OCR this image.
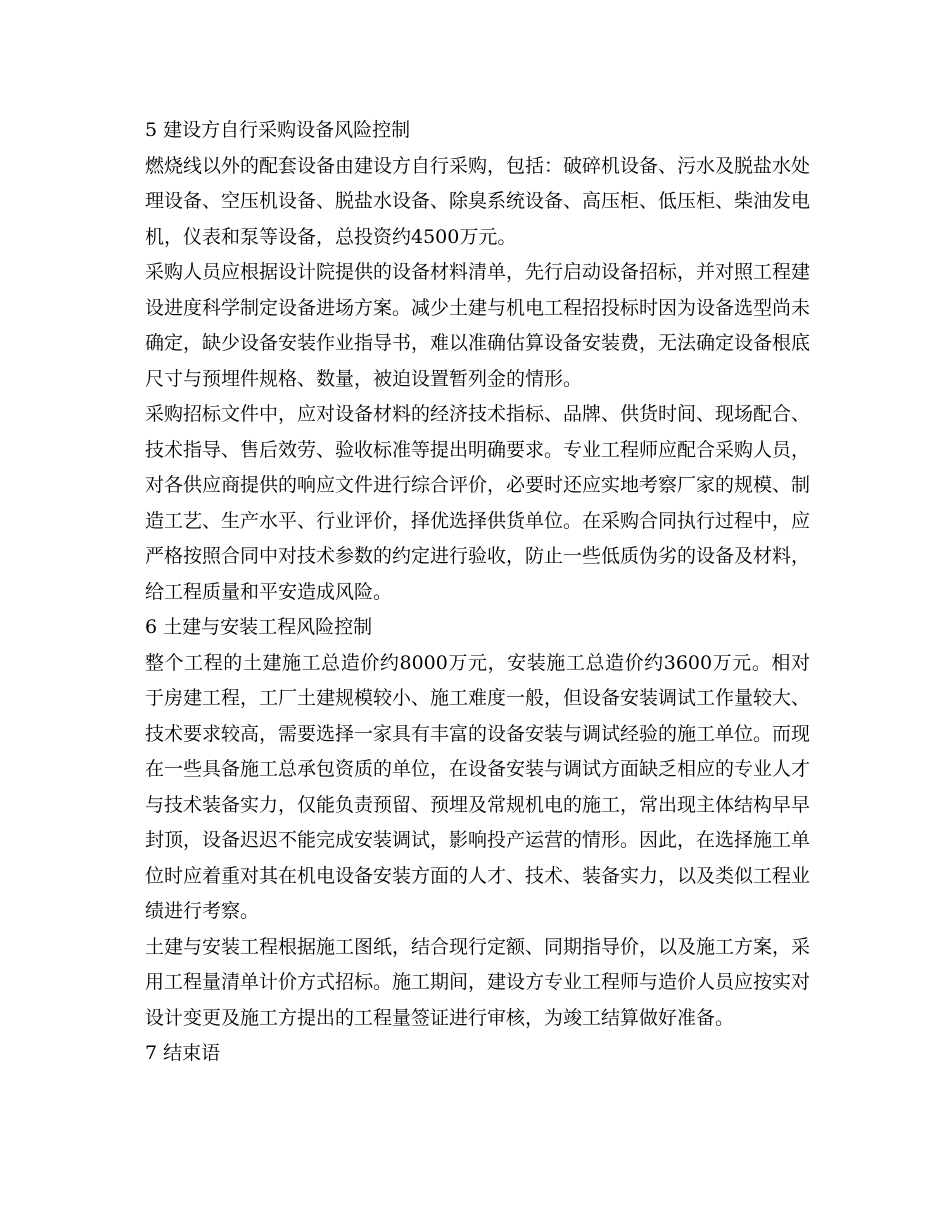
5 建设方自行采购设备风险控制

燃烧线以外的配套设备由建设方自行采购，包括：破碎机设备、污水及脱盐水处理设备、空压机设备、脱盐水设备、除臭系统设备、高压柜、低压柜、柴油发电机，仪表和泵等设备，总投资约4500万元。

采购人员应根据设计院提供的设备材料清单，先行启动设备招标，并对照工程建设进度科学制定设备进场方案。减少土建与机电工程招投标时因为设备选型尚未确定，缺少设备安装作业指导书，难以准确估算设备安装费，无法确定设备根底尺寸与预埋件规格、数量，被迫设置暂列金的情形。

采购招标文件中，应对设备材料的经济技术指标、品牌、供货时间、现场配合、技术指导、售后效劳、验收标准等提出明确要求。专业工程师应配合采购人员，对各供应商提供的响应文件进行综合评价，必要时还应实地考察厂家的规模、制造工艺、生产水平、行业评价，择优选择供货单位。在采购合同执行过程中，应严格按照合同中对技术参数的约定进行验收，防止一些低质伪劣的设备及材料，给工程质量和平安造成风险。

6 土建与安装工程风险控制

整个工程的土建施工总造价约8000万元，安装施工总造价约3600万元。相对于房建工程，工厂土建规模较小、施工难度一般，但设备安装调试工作量较大、技术要求较高，需要选择一家具有丰富的设备安装与调试经验的施工单位。而现在一些具备施工总承包资质的单位，在设备安装与调试方面缺乏相应的专业人才与技术装备实力，仅能负责预留、预埋及常规机电的施工，常出现主体结构早早封顶，设备迟迟不能完成安装调试，影响投产运营的情形。因此，在选择施工单位时应着重对其在机电设备安装方面的人才、技术、装备实力，以及类似工程业绩进行考察。

土建与安装工程根据施工图纸，结合现行定额、同期指导价，以及施工方案，采用工程量清单计价方式招标。施工期间，建设方专业工程师与造价人员应按实对设计变更及施工方提出的工程量签证进行审核，为竣工结算做好准备。

7 结束语
